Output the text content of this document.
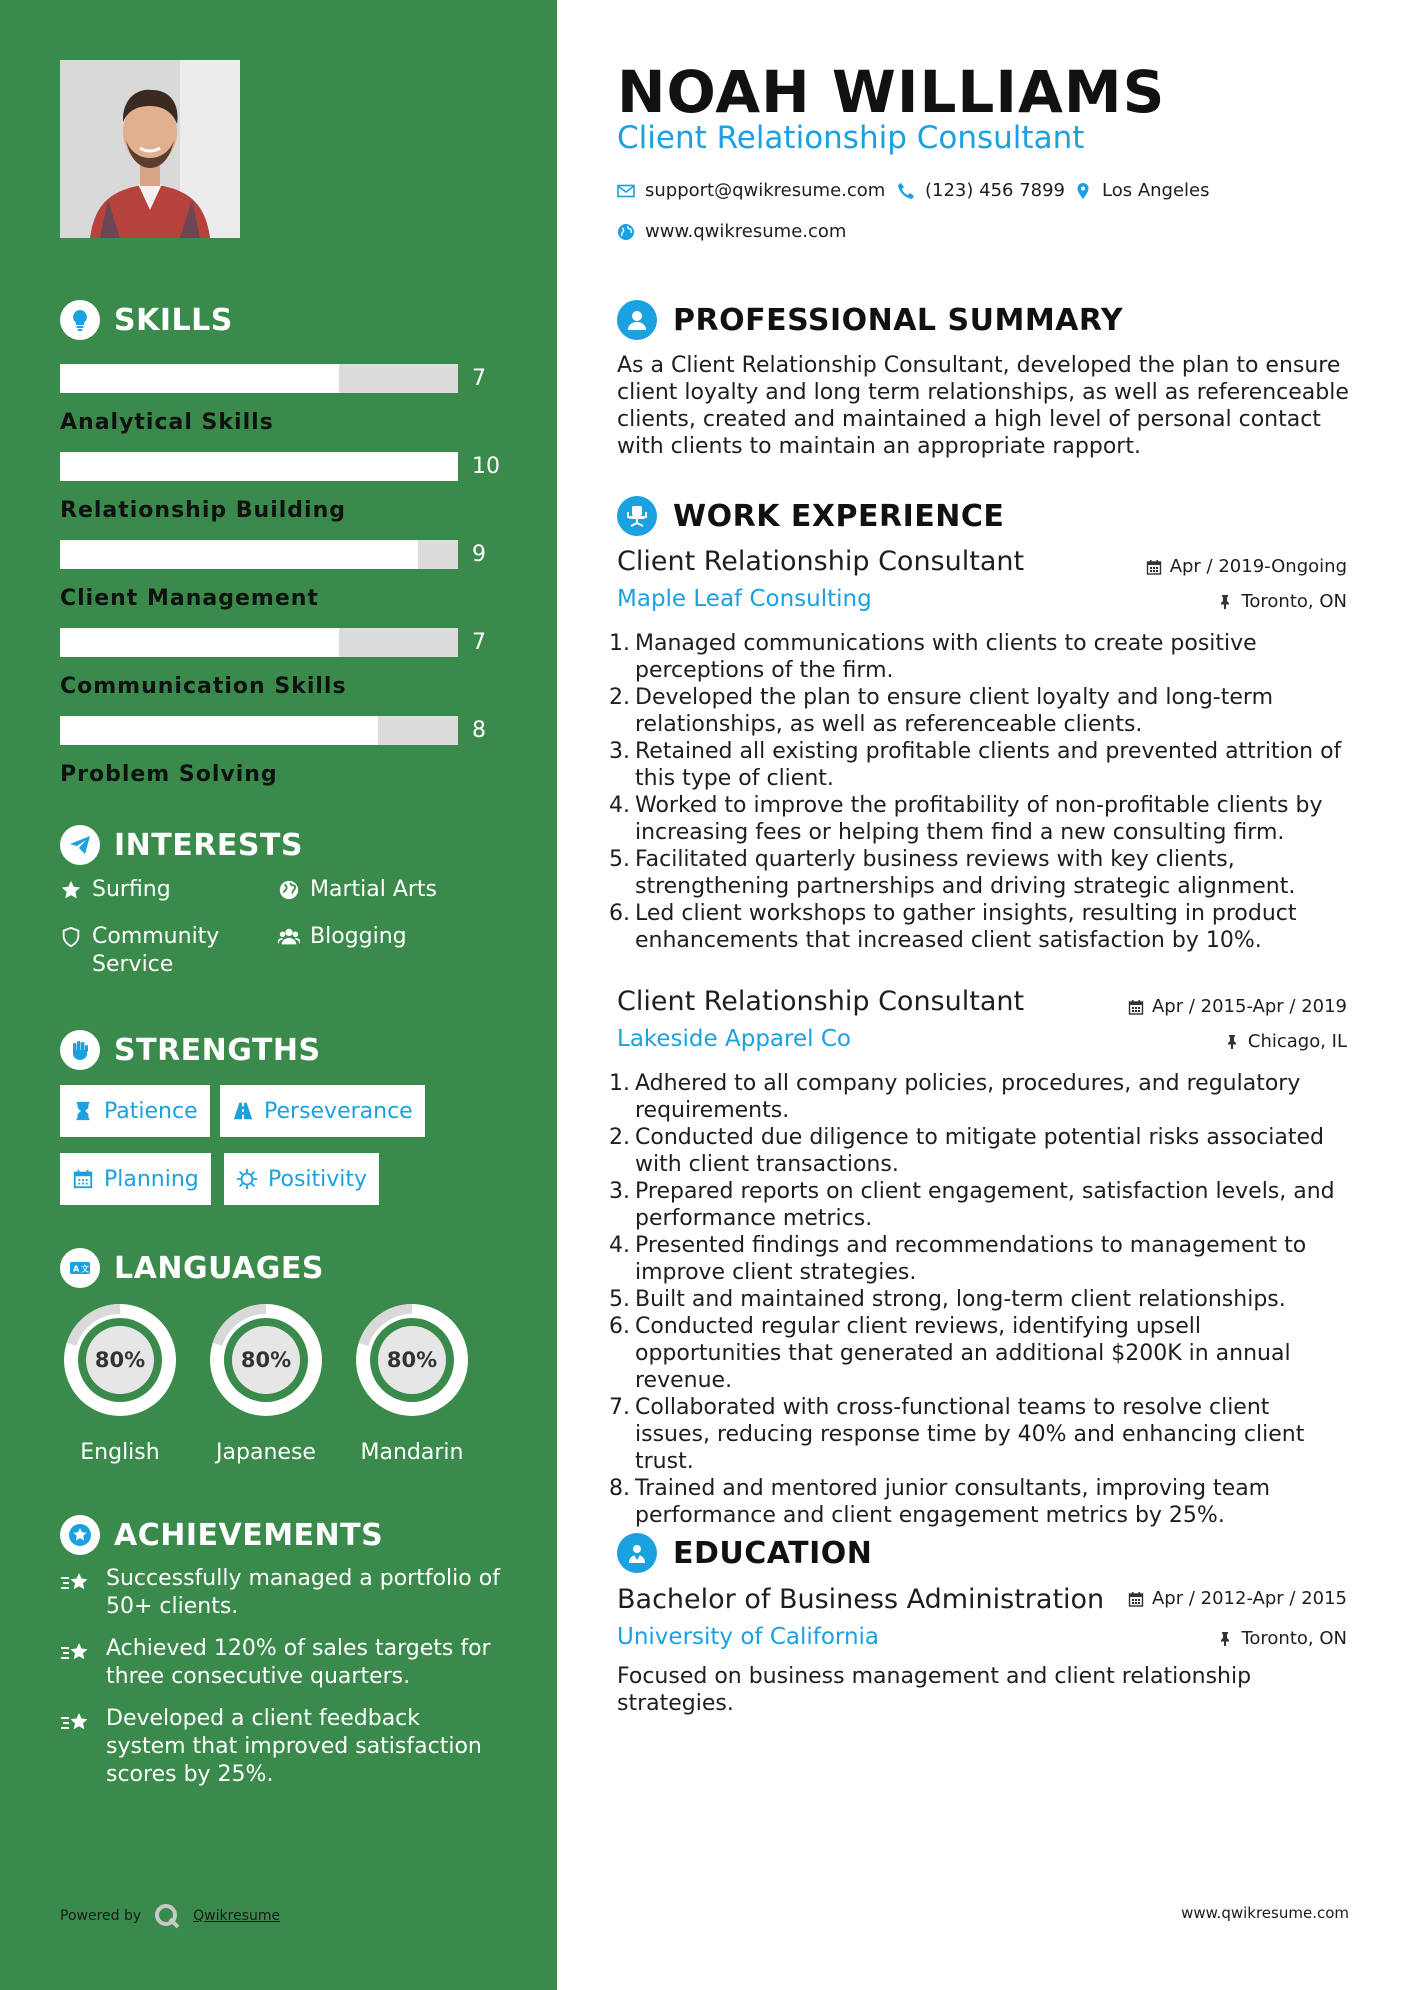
SKILLS
Analytical Skills
7
Relationship Building
10
Client Management
9
Communication Skills
7
Problem Solving
8
INTERESTS
Surfing	Martial Arts
Community Service
Blogging
STRENGTHS
Patience	Perseverance
Planning	Positivity
A 文 LANGUAGES
80%
English
80%
Japanese
80%
Mandarin
ACHIEVEMENTS
Successfully managed a portfolio of 50+ clients.
Achieved 120% of sales targets for three consecutive quarters.
Developed a client feedback system that improved satisfaction scores by 25%.
Powered by	Qwikresume
NOAH WILLIAMS
Client Relationship Consultant
support@qwikresume.com (123) 456 7899 Los Angeles
www.qwikresume.com
PROFESSIONAL SUMMARY
As a Client Relationship Consultant, developed the plan to ensure client loyalty and long term relationships, as well as referenceable clients, created and maintained a high level of personal contact with clients to maintain an appropriate rapport.
WORK EXPERIENCE
Client Relationship Consultant	Apr / 2019-Ongoing
Maple Leaf Consulting	Toronto, ON
1. Managed communications with clients to create positive perceptions of the firm.
2. Developed the plan to ensure client loyalty and long-term relationships, as well as referenceable clients.
3. Retained all existing profitable clients and prevented attrition of this type of client.
4. Worked to improve the profitability of non-profitable clients by increasing fees or helping them find a new consulting firm.
5. Facilitated quarterly business reviews with key clients, strengthening partnerships and driving strategic alignment.
6. Led client workshops to gather insights, resulting in product enhancements that increased client satisfaction by 10%.
Client Relationship Consultant	Apr / 2015-Apr / 2019
Lakeside Apparel Co	Chicago, IL
1. Adhered to all company policies, procedures, and regulatory requirements.
2. Conducted due diligence to mitigate potential risks associated with client transactions.
3. Prepared reports on client engagement, satisfaction levels, and performance metrics.
4. Presented findings and recommendations to management to improve client strategies.
5. Built and maintained strong, long-term client relationships.
6. Conducted regular client reviews, identifying upsell opportunities that generated an additional $200K in annual revenue.
7. Collaborated with cross-functional teams to resolve client issues, reducing response time by 40% and enhancing client trust.
8. Trained and mentored junior consultants, improving team performance and client engagement metrics by 25%.
EDUCATION
Bachelor of Business Administration	Apr / 2012-Apr / 2015
University of California	Toronto, ON
Focused on business management and client relationship strategies.
www.qwikresume.com
